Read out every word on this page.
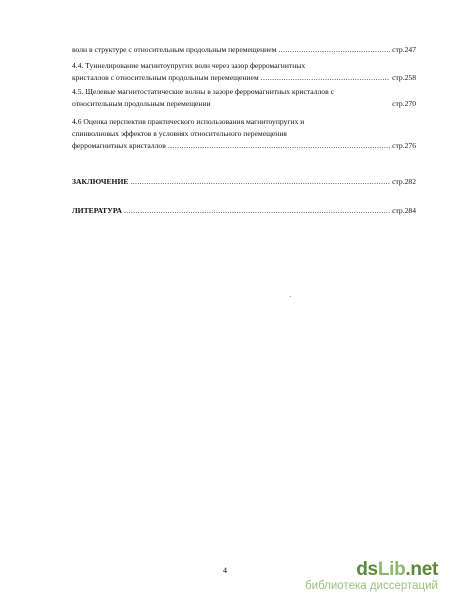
волн в структуре с относительным продольным перемещением .....	стр.247
4.4. Туннелирование магнитоупругих волн через зазор ферромагнитных
кристаллов с относительным продольным перемещением .....	стр.258
4.5. Щелевые магнитостатические волны в зазоре ферромагнитных кристаллов с
относительным продольным перемещении	стр.270
4.6 Оценка перспектив практического использования магнитоупругих и
спинволновых эффектов в условиях относительного перемещения
ферромагнитных кристаллов .....	стр.276
ЗАКЛЮЧЕНИЕ .....	стр.282
ЛИТЕРАТУРА .....	стр.284
4	dsLib.net
библиотека диссертаций
